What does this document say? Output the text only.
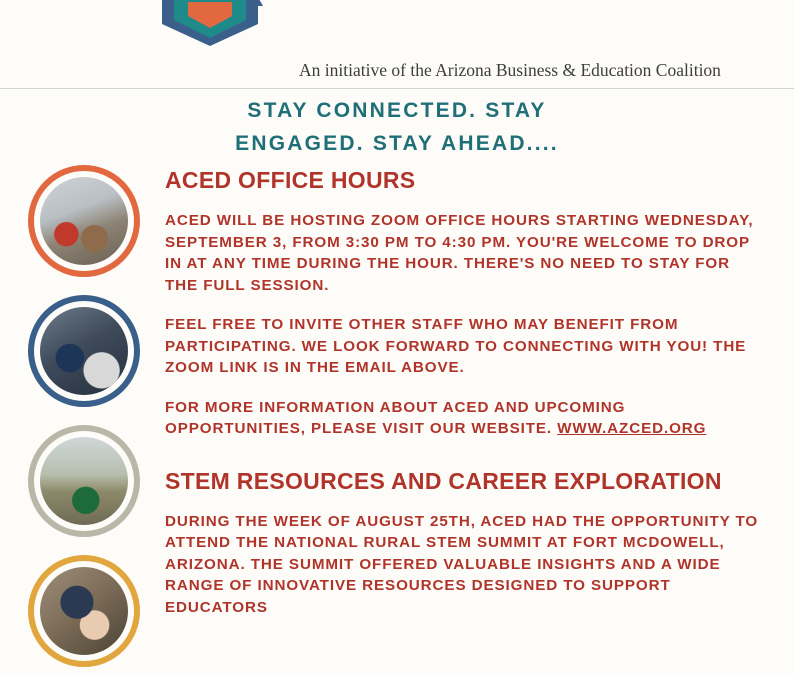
An initiative of the Arizona Business & Education Coalition
STAY CONNECTED. STAY
ENGAGED. STAY AHEAD....
ACED OFFICE HOURS

ACED WILL BE HOSTING ZOOM OFFICE HOURS STARTING WEDNESDAY, SEPTEMBER 3, FROM 3:30 PM TO 4:30 PM. YOU'RE WELCOME TO DROP IN AT ANY TIME DURING THE HOUR. THERE'S NO NEED TO STAY FOR THE FULL SESSION.

FEEL FREE TO INVITE OTHER STAFF WHO MAY BENEFIT FROM PARTICIPATING. WE LOOK FORWARD TO CONNECTING WITH YOU! THE ZOOM LINK IS IN THE EMAIL ABOVE.

FOR MORE INFORMATION ABOUT ACED AND UPCOMING OPPORTUNITIES, PLEASE VISIT OUR WEBSITE. WWW.AZCED.ORG

STEM RESOURCES AND CAREER EXPLORATION

DURING THE WEEK OF AUGUST 25TH, ACED HAD THE OPPORTUNITY TO ATTEND THE NATIONAL RURAL STEM SUMMIT AT FORT MCDOWELL, ARIZONA. THE SUMMIT OFFERED VALUABLE INSIGHTS AND A WIDE RANGE OF INNOVATIVE RESOURCES DESIGNED TO SUPPORT EDUCATORS
